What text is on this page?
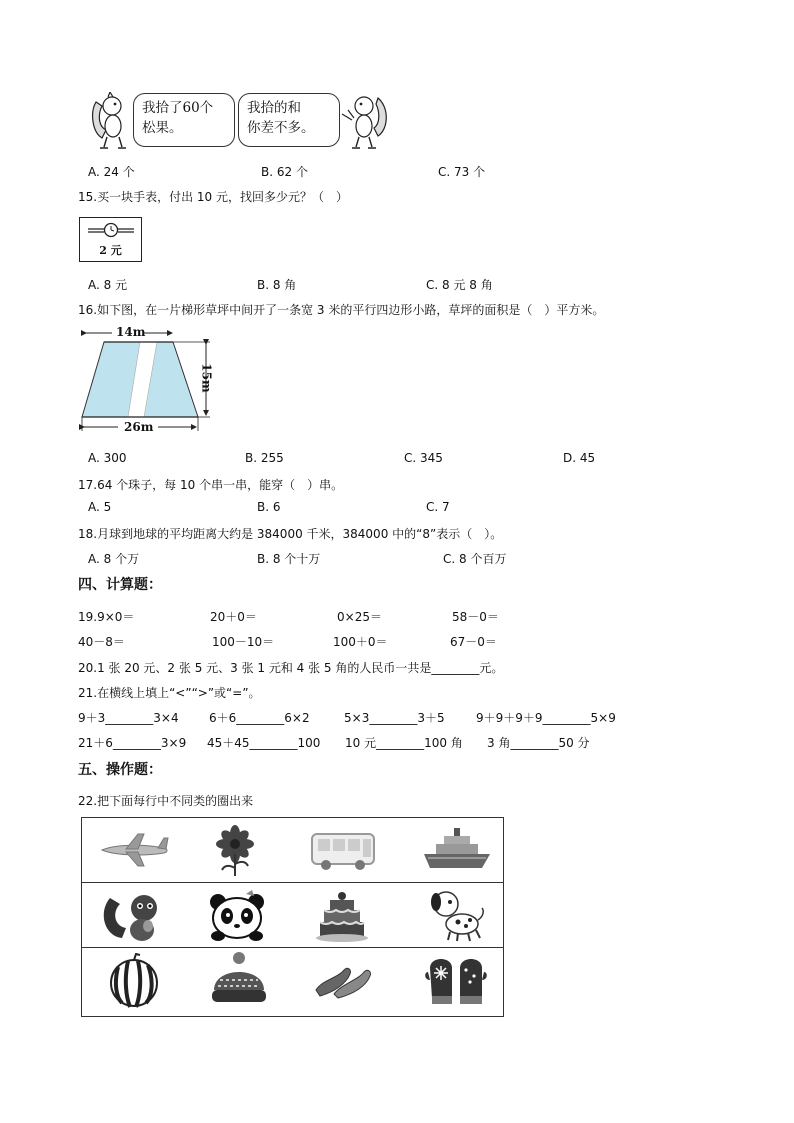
我拾了60个
松果。
我拾的和
你差不多。
A. 24 个	B. 62 个	C. 73 个
15.买一块手表，付出 10 元，找回多少元？（　）
2 元
A. 8 元	B. 8 角	C. 8 元 8 角
16.如下图，在一片梯形草坪中间开了一条宽 3 米的平行四边形小路，草坪的面积是（　）平方米。
14m
15m
26m
A. 300	B. 255	C. 345	D. 45
17.64 个珠子，每 10 个串一串，能穿（　）串。
A. 5	B. 6	C. 7
18.月球到地球的平均距离大约是 384000 千米，384000 中的“8”表示（　）。
A. 8 个万	B. 8 个十万	C. 8 个百万
四、计算题：
19.9×0＝	20＋0＝	0×25＝	58－0＝
40－8＝	100－10＝	100＋0＝	67－0＝
20.1 张 20 元、2 张 5 元、3 张 1 元和 4 张 5 角的人民币一共是________元。
21.在横线上填上“<”“>”或“=”。
9＋3________3×4	6＋6________6×2	5×3________3＋5	9＋9＋9＋9________5×9
21＋6________3×9 45＋45________100 10 元________100 角 3 角________50 分
五、操作题：
22.把下面每行中不同类的圈出来
